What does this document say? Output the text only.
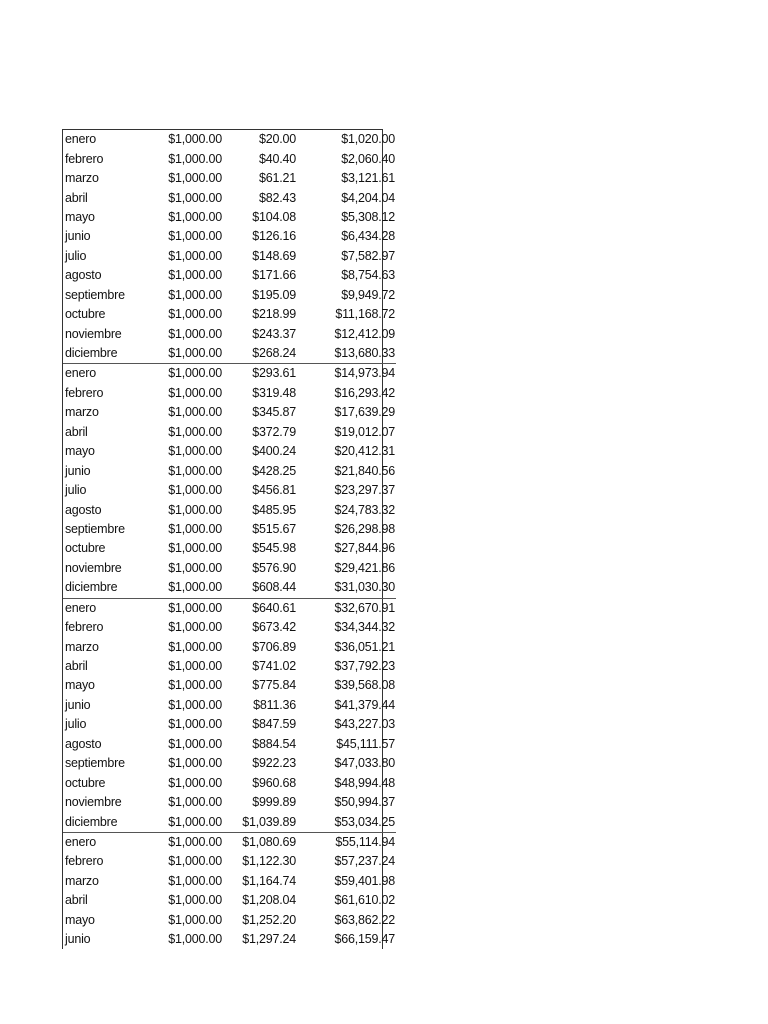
enero	$1,000.00	$20.00	$1,020.00
febrero	$1,000.00	$40.40	$2,060.40
marzo	$1,000.00	$61.21	$3,121.61
abril	$1,000.00	$82.43	$4,204.04
mayo	$1,000.00	$104.08	$5,308.12
junio	$1,000.00	$126.16	$6,434.28
julio	$1,000.00	$148.69	$7,582.97
agosto	$1,000.00	$171.66	$8,754.63
septiembre	$1,000.00	$195.09	$9,949.72
octubre	$1,000.00	$218.99	$11,168.72
noviembre	$1,000.00	$243.37	$12,412.09
diciembre	$1,000.00	$268.24	$13,680.33
enero	$1,000.00	$293.61	$14,973.94
febrero	$1,000.00	$319.48	$16,293.42
marzo	$1,000.00	$345.87	$17,639.29
abril	$1,000.00	$372.79	$19,012.07
mayo	$1,000.00	$400.24	$20,412.31
junio	$1,000.00	$428.25	$21,840.56
julio	$1,000.00	$456.81	$23,297.37
agosto	$1,000.00	$485.95	$24,783.32
septiembre	$1,000.00	$515.67	$26,298.98
octubre	$1,000.00	$545.98	$27,844.96
noviembre	$1,000.00	$576.90	$29,421.86
diciembre	$1,000.00	$608.44	$31,030.30
enero	$1,000.00	$640.61	$32,670.91
febrero	$1,000.00	$673.42	$34,344.32
marzo	$1,000.00	$706.89	$36,051.21
abril	$1,000.00	$741.02	$37,792.23
mayo	$1,000.00	$775.84	$39,568.08
junio	$1,000.00	$811.36	$41,379.44
julio	$1,000.00	$847.59	$43,227.03
agosto	$1,000.00	$884.54	$45,111.57
septiembre	$1,000.00	$922.23	$47,033.80
octubre	$1,000.00	$960.68	$48,994.48
noviembre	$1,000.00	$999.89	$50,994.37
diciembre	$1,000.00	$1,039.89	$53,034.25
enero	$1,000.00	$1,080.69	$55,114.94
febrero	$1,000.00	$1,122.30	$57,237.24
marzo	$1,000.00	$1,164.74	$59,401.98
abril	$1,000.00	$1,208.04	$61,610.02
mayo	$1,000.00	$1,252.20	$63,862.22
junio	$1,000.00	$1,297.24	$66,159.47
